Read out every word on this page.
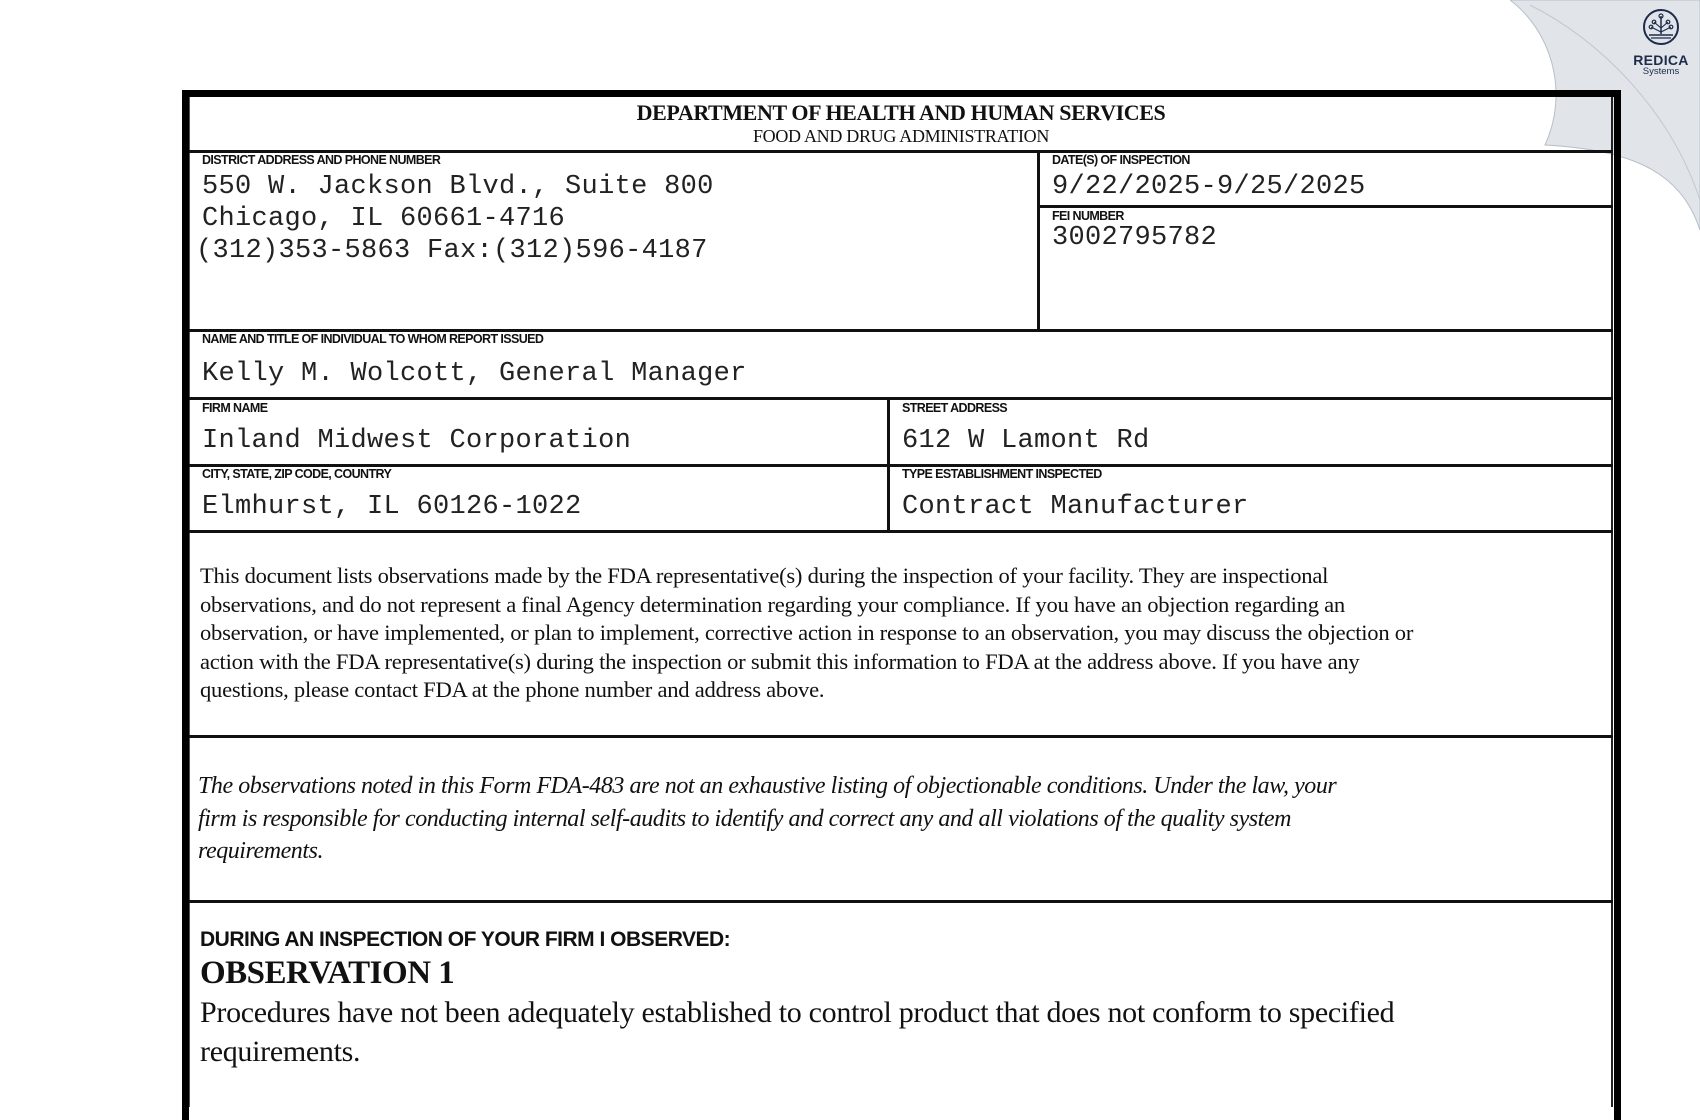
REDICA
Systems
DEPARTMENT OF HEALTH AND HUMAN SERVICES
FOOD AND DRUG ADMINISTRATION
DISTRICT ADDRESS AND PHONE NUMBER
550 W. Jackson Blvd., Suite 800
Chicago, IL 60661-4716
(312)353-5863 Fax:(312)596-4187
DATE(S) OF INSPECTION
9/22/2025-9/25/2025
FEI NUMBER
3002795782
NAME AND TITLE OF INDIVIDUAL TO WHOM REPORT ISSUED
Kelly M. Wolcott, General Manager
FIRM NAME
Inland Midwest Corporation
STREET ADDRESS
612 W Lamont Rd
CITY, STATE, ZIP CODE, COUNTRY
Elmhurst, IL 60126-1022
TYPE ESTABLISHMENT INSPECTED
Contract Manufacturer
This document lists observations made by the FDA representative(s) during the inspection of your facility. They are inspectional
observations, and do not represent a final Agency determination regarding your compliance. If you have an objection regarding an
observation, or have implemented, or plan to implement, corrective action in response to an observation, you may discuss the objection or
action with the FDA representative(s) during the inspection or submit this information to FDA at the address above. If you have any
questions, please contact FDA at the phone number and address above.
The observations noted in this Form FDA-483 are not an exhaustive listing of objectionable conditions. Under the law, your
firm is responsible for conducting internal self-audits to identify and correct any and all violations of the quality system
requirements.
DURING AN INSPECTION OF YOUR FIRM I OBSERVED:
OBSERVATION 1
Procedures have not been adequately established to control product that does not conform to specified
requirements.
